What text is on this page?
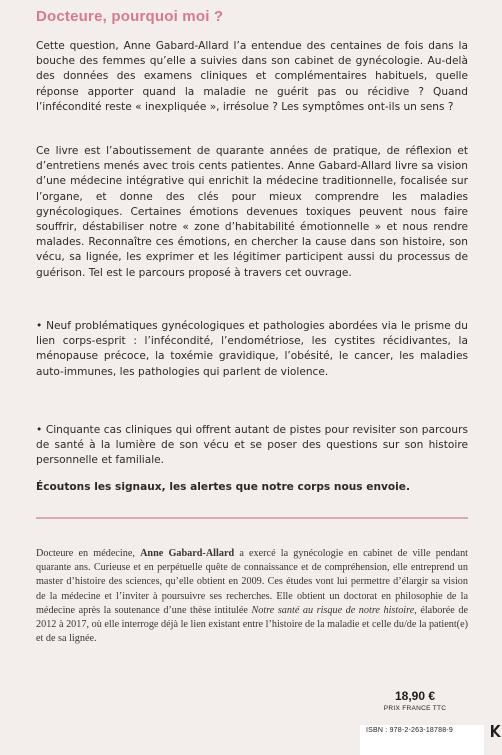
Docteure, pourquoi moi ?

Cette question, Anne Gabard-Allard l’a entendue des centaines de fois dans la bouche des femmes qu’elle a suivies dans son cabinet de gynécologie. Au-delà des données des examens cliniques et complémentaires habituels, quelle réponse apporter quand la maladie ne guérit pas ou récidive ? Quand l’infécondité reste « inexpliquée », irrésolue ? Les symptômes ont-ils un sens ?

Ce livre est l’aboutissement de quarante années de pratique, de réflexion et d’entretiens menés avec trois cents patientes. Anne Gabard-Allard livre sa vision d’une médecine intégrative qui enrichit la médecine traditionnelle, focalisée sur l’organe, et donne des clés pour mieux comprendre les maladies gynécologiques. Certaines émotions devenues toxiques peuvent nous faire souffrir, déstabiliser notre « zone d’habitabilité émotionnelle » et nous rendre malades. Reconnaître ces émotions, en chercher la cause dans son histoire, son vécu, sa lignée, les exprimer et les légitimer participent aussi du processus de guérison. Tel est le parcours proposé à travers cet ouvrage.

• Neuf problématiques gynécologiques et pathologies abordées via le prisme du lien corps-esprit : l’infécondité, l’endométriose, les cystites récidivantes, la ménopause précoce, la toxémie gravidique, l’obésité, le cancer, les maladies auto-immunes, les pathologies qui parlent de violence.

• Cinquante cas cliniques qui offrent autant de pistes pour revisiter son parcours de santé à la lumière de son vécu et se poser des questions sur son histoire personnelle et familiale.

Écoutons les signaux, les alertes que notre corps nous envoie.

Docteure en médecine, Anne Gabard-Allard a exercé la gynécologie en cabinet de ville pendant quarante ans. Curieuse et en perpétuelle quête de connaissance et de compréhension, elle entreprend un master d’histoire des sciences, qu’elle obtient en 2009. Ces études vont lui permettre d’élargir sa vision de la médecine et l’inviter à poursuivre ses recherches. Elle obtient un doctorat en philosophie de la médecine après la soutenance d’une thèse intitulée Notre santé au risque de notre histoire, élaborée de 2012 à 2017, où elle interroge déjà le lien existant entre l’histoire de la maladie et celle du/de la patient(e) et de sa lignée.

18,90 €
PRIX FRANCE TTC
ISBN : 978-2-263-18788-9
